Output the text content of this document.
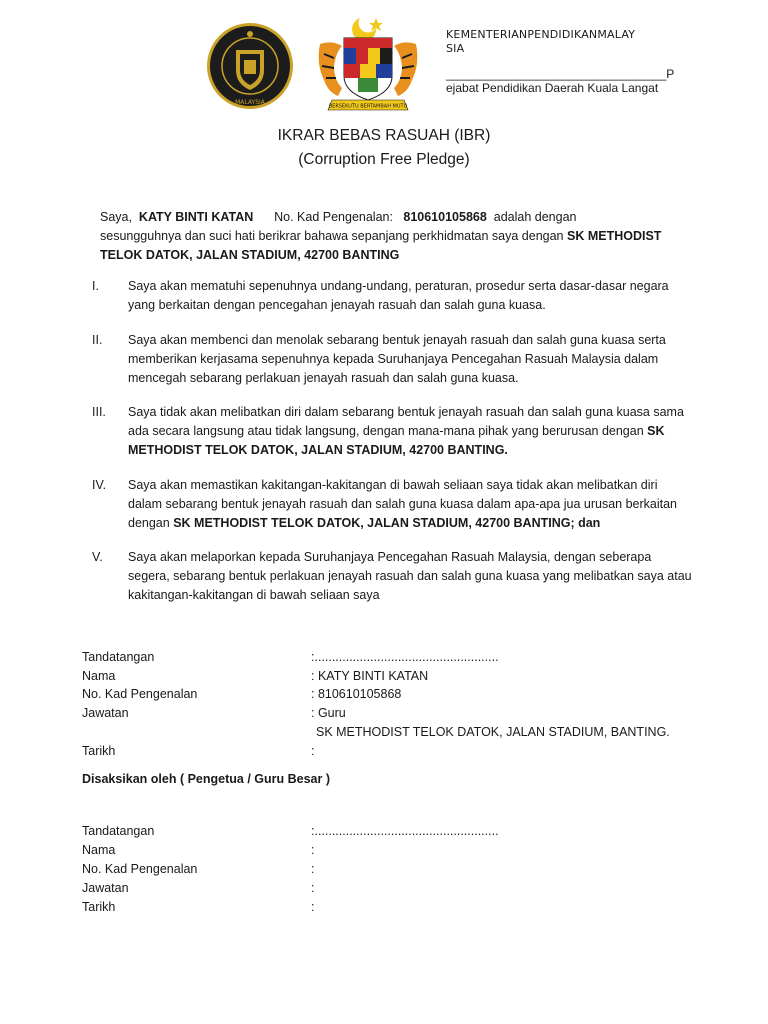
MALAYSIA
BERSEKUTU BERTAMBAH MUTU
KEMENTERIANPENDIDIKANMALAY
SIA
_________________________________P
ejabat Pendidikan Daerah Kuala Langat
IKRAR BEBAS RASUAH (IBR)
(Corruption Free Pledge)
Saya, KATY BINTI KATAN No. Kad Pengenalan: 810610105868 adalah dengan
sesungguhnya dan suci hati berikrar bahawa sepanjang perkhidmatan saya dengan SK METHODIST
TELOK DATOK, JALAN STADIUM, 42700 BANTING
I.	Saya akan mematuhi sepenuhnya undang-undang, peraturan, prosedur serta dasar-dasar negara yang berkaitan dengan pencegahan jenayah rasuah dan salah guna kuasa.
II.	Saya akan membenci dan menolak sebarang bentuk jenayah rasuah dan salah guna kuasa serta memberikan kerjasama sepenuhnya kepada Suruhanjaya Pencegahan Rasuah Malaysia dalam mencegah sebarang perlakuan jenayah rasuah dan salah guna kuasa.
III.	Saya tidak akan melibatkan diri dalam sebarang bentuk jenayah rasuah dan salah guna kuasa sama ada secara langsung atau tidak langsung, dengan mana-mana pihak yang berurusan dengan SK METHODIST TELOK DATOK, JALAN STADIUM, 42700 BANTING.
IV.	Saya akan memastikan kakitangan-kakitangan di bawah seliaan saya tidak akan melibatkan diri dalam sebarang bentuk jenayah rasuah dan salah guna kuasa dalam apa-apa jua urusan berkaitan dengan SK METHODIST TELOK DATOK, JALAN STADIUM, 42700 BANTING; dan
V.	Saya akan melaporkan kepada Suruhanjaya Pencegahan Rasuah Malaysia, dengan seberapa segera, sebarang bentuk perlakuan jenayah rasuah dan salah guna kuasa yang melibatkan saya atau kakitangan-kakitangan di bawah seliaan saya
Tandatangan	:.....................................................
Nama	: KATY BINTI KATAN
No. Kad Pengenalan	: 810610105868
Jawatan	: Guru
SK METHODIST TELOK DATOK, JALAN STADIUM, BANTING.
Tarikh	:
Disaksikan oleh ( Pengetua / Guru Besar )
Tandatangan	:.....................................................
Nama	:
No. Kad Pengenalan	:
Jawatan	:
Tarikh	:
